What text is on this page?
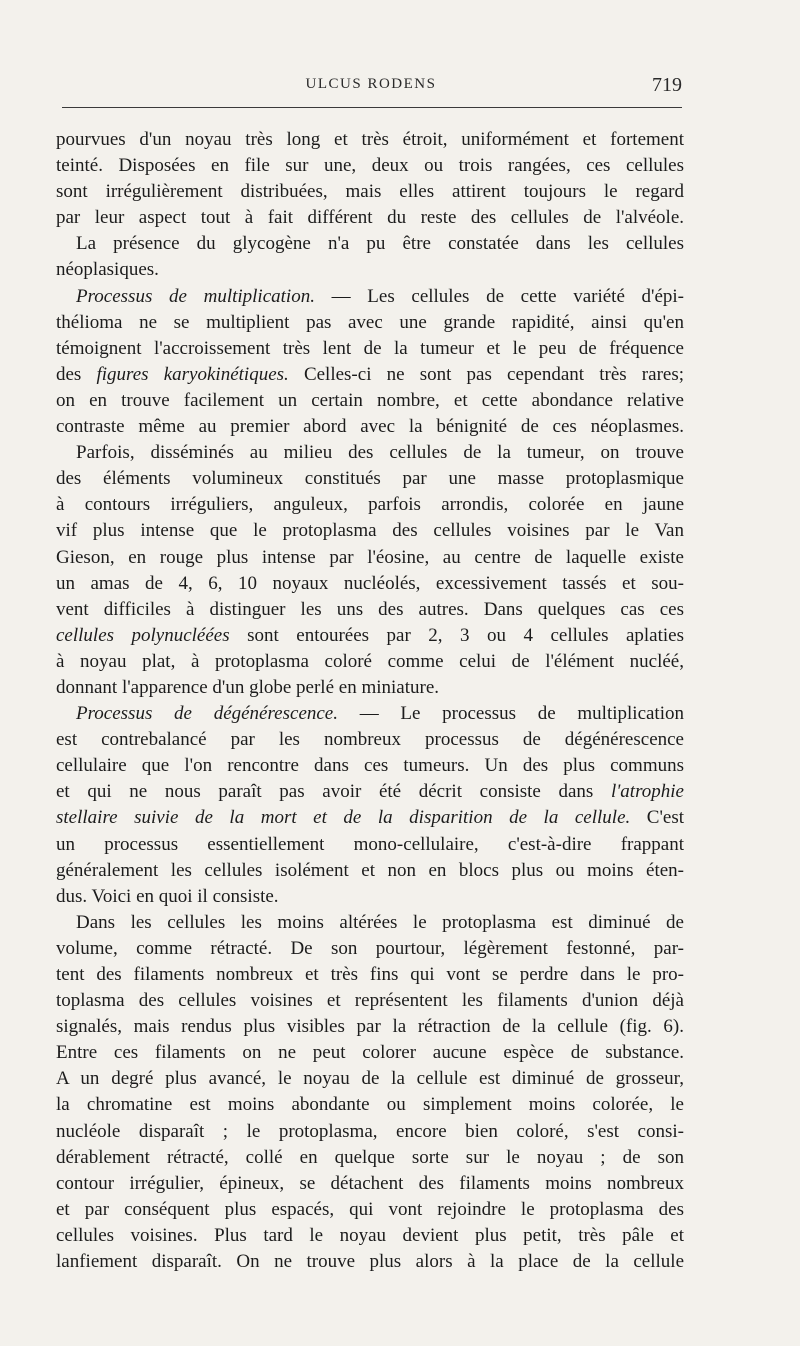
ULCUS RODENS	719
pourvues d'un noyau très long et très étroit, uniformément et fortement
teinté. Disposées en file sur une, deux ou trois rangées, ces cellules
sont irrégulièrement distribuées, mais elles attirent toujours le regard
par leur aspect tout à fait différent du reste des cellules de l'alvéole.
La présence du glycogène n'a pu être constatée dans les cellules
néoplasiques.
Processus de multiplication. — Les cellules de cette variété d'épi-
thélioma ne se multiplient pas avec une grande rapidité, ainsi qu'en
témoignent l'accroissement très lent de la tumeur et le peu de fréquence
des figures karyokinétiques. Celles-ci ne sont pas cependant très rares;
on en trouve facilement un certain nombre, et cette abondance relative
contraste même au premier abord avec la bénignité de ces néoplasmes.
Parfois, disséminés au milieu des cellules de la tumeur, on trouve
des éléments volumineux constitués par une masse protoplasmique
à contours irréguliers, anguleux, parfois arrondis, colorée en jaune
vif plus intense que le protoplasma des cellules voisines par le Van
Gieson, en rouge plus intense par l'éosine, au centre de laquelle existe
un amas de 4, 6, 10 noyaux nucléolés, excessivement tassés et sou-
vent difficiles à distinguer les uns des autres. Dans quelques cas ces
cellules polynucléées sont entourées par 2, 3 ou 4 cellules aplaties
à noyau plat, à protoplasma coloré comme celui de l'élément nucléé,
donnant l'apparence d'un globe perlé en miniature.
Processus de dégénérescence. — Le processus de multiplication
est contrebalancé par les nombreux processus de dégénérescence
cellulaire que l'on rencontre dans ces tumeurs. Un des plus communs
et qui ne nous paraît pas avoir été décrit consiste dans l'atrophie
stellaire suivie de la mort et de la disparition de la cellule. C'est
un processus essentiellement mono-cellulaire, c'est-à-dire frappant
généralement les cellules isolément et non en blocs plus ou moins éten-
dus. Voici en quoi il consiste.
Dans les cellules les moins altérées le protoplasma est diminué de
volume, comme rétracté. De son pourtour, légèrement festonné, par-
tent des filaments nombreux et très fins qui vont se perdre dans le pro-
toplasma des cellules voisines et représentent les filaments d'union déjà
signalés, mais rendus plus visibles par la rétraction de la cellule (fig. 6).
Entre ces filaments on ne peut colorer aucune espèce de substance.
A un degré plus avancé, le noyau de la cellule est diminué de grosseur,
la chromatine est moins abondante ou simplement moins colorée, le
nucléole disparaît ; le protoplasma, encore bien coloré, s'est consi-
dérablement rétracté, collé en quelque sorte sur le noyau ; de son
contour irrégulier, épineux, se détachent des filaments moins nombreux
et par conséquent plus espacés, qui vont rejoindre le protoplasma des
cellules voisines. Plus tard le noyau devient plus petit, très pâle et
lanfiement disparaît. On ne trouve plus alors à la place de la cellule
